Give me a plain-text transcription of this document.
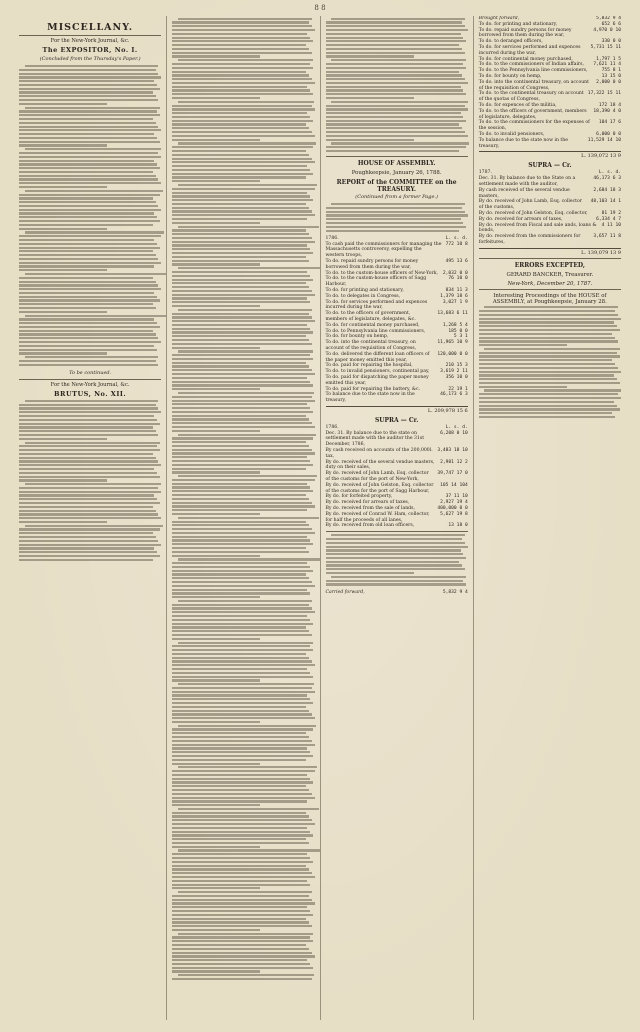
8 8
MISCELLANY.
For the New-York Journal, &c.
The EXPOSITOR, No. I.
(Concluded from the Thursday's Paper.)
To be continued.
For the New-York Journal, &c.
BRUTUS, No. XII.
HOUSE OF ASSEMBLY.
Poughkeepsie, January 26, 1788.
REPORT of the COMMITTEE on the TREASURY.
(Continued from a former Page.)
1786.	L. s. d.
To cash paid the commissioners for managing the Massachusetts controversy, expelling the western troops,
772 10 8
To do. repaid sundry persons for money borrowed from them during the war,
495 13 6
To do. to the custom-house officers of New-York,	2,032 0 0
To do. to the custom-house officers of Sagg Harbour,
76 10 0
To do. for printing and stationary,	834 11 3
To do. to delegates in Congress,	1,379 18 6
To do. for services performed and expences incurred during the war,
3,027 1 9
To do. to the officers of government, members of legislature, delegates, &c.
13,683 6 11
To do. for continental money purchased,	1,268 5 4
To do. to Pennsylvania line commissioners,	185 0 0
To do. for bounty on hemp,	5 3 1
To do. into the continental treasury, on account of the requisition of Congress,
11,965 10 9
To do. delivered the different loan officers of the paper money emitted this year,
120,000 0 0
To do. paid for repairing the hospital,	210 15 3
To do. to invalid pensioners, continental pay,	3,619 2 11
To do. paid for dispatching the paper money emitted this year,
356 10 0
To do. paid for repairing the battery, &c.	22 19 1
To balance due to the state now in the treasury,
46,173 6 3
L. 209,978 15 6
SUPRA — Cr.
1786.	L. s. d.
Dec. 31. By balance due to the state on settlement made with the auditor the 31st December, 1786,
6,208 0 10
By cash received on accounts of the 200,000l. tax,
3,483 18 10
By do. received of the several vendue masters, duty on their sales,
2,981 12 2
By do. received of John Lamb, Esq. collector of the customs for the port of New-York,
39,747 17 0
By do. received of John Gelston, Esq. collector of the customs for the port of Sagg Harbour,
105 14 104
By do. for forfeited property,	37 11 10
By do. received for arrears of taxes,	2,927 19 4
By do. received from the sale of lands,	400,000 0 0
By do. received of Conrad W. Ham, collector, for half the proceeds of all lanes,
5,627 19 8
By do. received from old loan officers,	13 18 0
Carried forward,	5,832 9 4
Brought forward,	5,832 9 4
To do. for printing and stationary,	652 6 6
To do. repaid sundry persons for money borrowed from them during the war,
4,970 0 10
To do. to deranged officers,	330 0 0
To do. for services performed and expences incurred during the war,
5,731 15 11
To do. for continental money purchased,	1,797 1 5
To do. to the commissioners of Indian affairs,	7,621 11 4
To do. to the Pennsylvania line commissioners,	755 8 1
To do. for bounty on hemp,	13 15 0
To do. into the continental treasury, on account of the requisition of Congress,
2,000 0 0
To do. to the continental treasury on account of the quotas of Congress,
17,322 15 11
To do. for expences of the militia,	172 18 4
To do. to the officers of government, members of legislature, delegates,
18,390 4 0
To do. to the commissioners for the expenses of the session,
104 17 6
To do. to invalid pensioners,	6,000 0 0
To balance due to the state now in the treasury,
11,529 14 10
L. 139,072 13 9
SUPRA — Cr.
1787.	L. s. d.
Dec. 31. By balance due to the State on a settlement made with the auditor,
46,173 6 3
By cash received of the several vendue masters,
2,684 18 3
By do. received of John Lamb, Esq. collector of the customs,
48,103 14 1
By do. received of John Gelston, Esq. collector,	81 19 2
By do. received for arrears of taxes,	6,334 4 7
By do. received from Fiscal and sale ands, loans & bonds,
4 11 10
By do. received from the commissioners for forfeitures,
3,657 11 8
L. 139,079 13 9
ERRORS EXCEPTED,
GERARD BANCKER, Treasurer.
New-York, December 20, 1787.
Interesting Proceedings of the HOUSE of ASSEMBLY, at Poughkeepsie, January 28.
